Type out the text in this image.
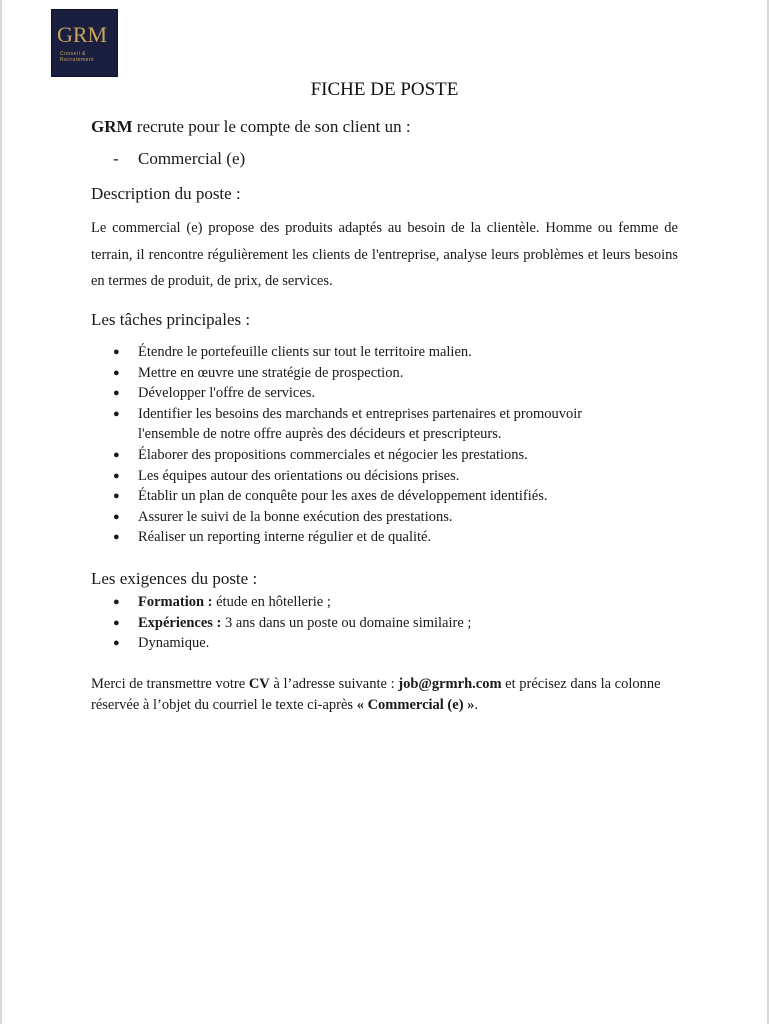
GRM
Conseil &
Recrutement
FICHE DE POSTE
GRM recrute pour le compte de son client un :
- Commercial (e)
Description du poste :
Le commercial (e) propose des produits adaptés au besoin de la clientèle. Homme ou femme de terrain, il rencontre régulièrement les clients de l'entreprise, analyse leurs problèmes et leurs besoins en termes de produit, de prix, de services.
Les tâches principales :
● Étendre le portefeuille clients sur tout le territoire malien.
● Mettre en œuvre une stratégie de prospection.
● Développer l'offre de services.
● Identifier les besoins des marchands et entreprises partenaires et promouvoir l'ensemble de notre offre auprès des décideurs et prescripteurs.
● Élaborer des propositions commerciales et négocier les prestations.
● Les équipes autour des orientations ou décisions prises.
● Établir un plan de conquête pour les axes de développement identifiés.
● Assurer le suivi de la bonne exécution des prestations.
● Réaliser un reporting interne régulier et de qualité.
Les exigences du poste :
● Formation : étude en hôtellerie ;
● Expériences : 3 ans dans un poste ou domaine similaire ;
● Dynamique.
Merci de transmettre votre CV à l’adresse suivante : job@grmrh.com et précisez dans la colonne réservée à l’objet du courriel le texte ci-après « Commercial (e) ».
